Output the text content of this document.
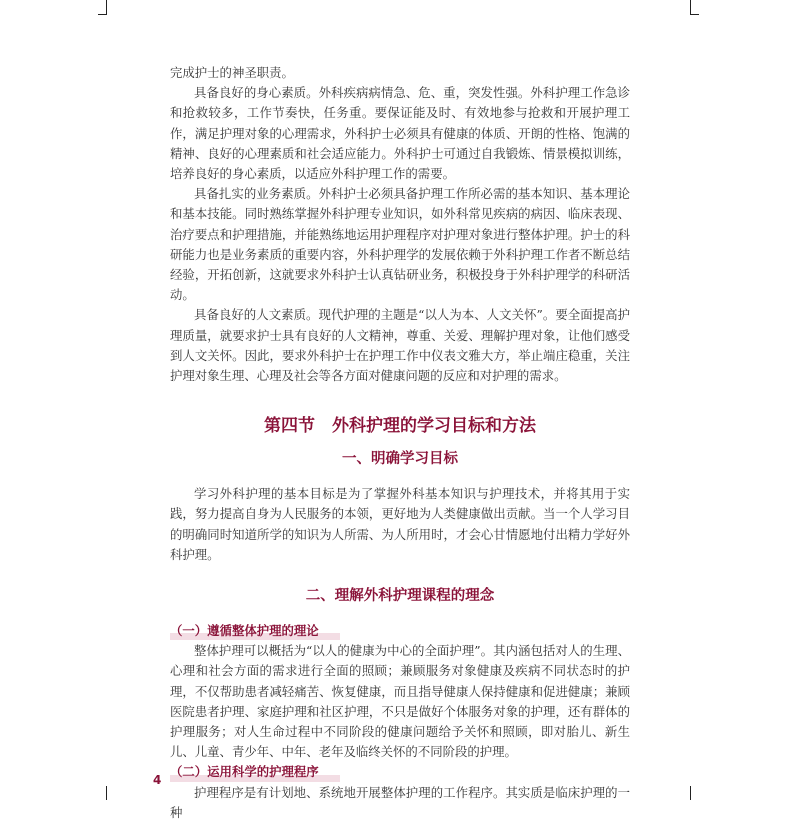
完成护士的神圣职责。

具备良好的身心素质。外科疾病病情急、危、重，突发性强。外科护理工作急诊和抢救较多，工作节奏快，任务重。要保证能及时、有效地参与抢救和开展护理工作，满足护理对象的心理需求，外科护士必须具有健康的体质、开朗的性格、饱满的精神、良好的心理素质和社会适应能力。外科护士可通过自我锻炼、情景模拟训练，培养良好的身心素质，以适应外科护理工作的需要。

具备扎实的业务素质。外科护士必须具备护理工作所必需的基本知识、基本理论和基本技能。同时熟练掌握外科护理专业知识，如外科常见疾病的病因、临床表现、治疗要点和护理措施，并能熟练地运用护理程序对护理对象进行整体护理。护士的科研能力也是业务素质的重要内容，外科护理学的发展依赖于外科护理工作者不断总结经验，开拓创新，这就要求外科护士认真钻研业务，积极投身于外科护理学的科研活动。

具备良好的人文素质。现代护理的主题是“以人为本、人文关怀”。要全面提高护理质量，就要求护士具有良好的人文精神，尊重、关爱、理解护理对象，让他们感受到人文关怀。因此，要求外科护士在护理工作中仪表文雅大方，举止端庄稳重，关注护理对象生理、心理及社会等各方面对健康问题的反应和对护理的需求。

第四节　外科护理的学习目标和方法
一、明确学习目标

学习外科护理的基本目标是为了掌握外科基本知识与护理技术，并将其用于实践，努力提高自身为人民服务的本领，更好地为人类健康做出贡献。当一个人学习目的明确同时知道所学的知识为人所需、为人所用时，才会心甘情愿地付出精力学好外科护理。

二、理解外科护理课程的理念

（一）遵循整体护理的理论

整体护理可以概括为“以人的健康为中心的全面护理”。其内涵包括对人的生理、心理和社会方面的需求进行全面的照顾；兼顾服务对象健康及疾病不同状态时的护理，不仅帮助患者减轻痛苦、恢复健康，而且指导健康人保持健康和促进健康；兼顾医院患者护理、家庭护理和社区护理，不只是做好个体服务对象的护理，还有群体的护理服务；对人生命过程中不同阶段的健康问题给予关怀和照顾，即对胎儿、新生儿、儿童、青少年、中年、老年及临终关怀的不同阶段的护理。

（二）运用科学的护理程序

护理程序是有计划地、系统地开展整体护理的工作程序。其实质是临床护理的一种

4
